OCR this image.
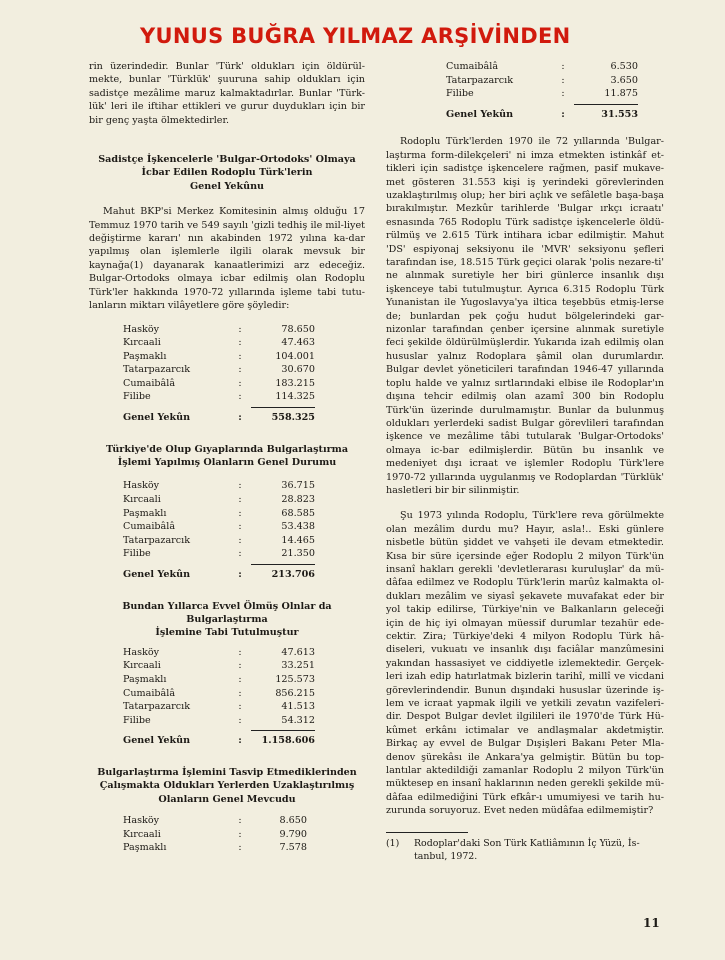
YUNUS BUĞRA YILMAZ ARŞİVİNDEN

rin üzerindedir. Bunlar 'Türk' oldukları için öldürül-mekte, bunlar 'Türklük' şuuruna sahip oldukları için sadistçe mezâlime maruz kalmaktadırlar. Bunlar 'Türk-lük' leri ile iftihar ettikleri ve gurur duydukları için bir bir genç yaşta ölmektedirler.

Sadistçe İşkencelerle 'Bulgar-Ortodoks' Olmaya
İcbar Edilen Rodoplu Türk'lerin
Genel Yekûnu

Mahut BKP'si Merkez Komitesinin almış olduğu 17 Temmuz 1970 tarih ve 549 sayılı 'gizli tedhiş ile mil-liyet değiştirme kararı' nın akabinden 1972 yılına ka-dar yapılmış olan işlemlerle ilgili olarak mevsuk bir kaynağa(1) dayanarak kanaatlerimizi arz edeceğiz. Bulgar-Ortodoks olmaya icbar edilmiş olan Rodoplu Türk'ler hakkında 1970-72 yıllarında işleme tabi tutu-lanların miktarı vilâyetlere göre şöyledir:

Hasköy	:	78.650
Kırcaali	:	47.463
Paşmaklı	:	104.001
Tatarpazarcık	:	30.670
Cumaibâlâ	:	183.215
Filibe	:	114.325

Genel Yekûn	:	558.325
Türkiye'de Olup Gıyaplarında Bulgarlaştırma
İşlemi Yapılmış Olanların Genel Durumu
Hasköy	:	36.715
Kırcaali	:	28.823
Paşmaklı	:	68.585
Cumaibâlâ	:	53.438
Tatarpazarcık	:	14.465
Filibe	:	21.350

Genel Yekûn	:	213.706
Bundan Yıllarca Evvel Ölmüş Olnlar da Bulgarlaştırma
İşlemine Tabi Tutulmuştur
Hasköy	:	47.613
Kırcaali	:	33.251
Paşmaklı	:	125.573
Cumaibâlâ	:	856.215
Tatarpazarcık	:	41.513
Filibe	:	54.312

Genel Yekûn	:	1.158.606
Bulgarlaştırma İşlemini Tasvip Etmediklerinden
Çalışmakta Oldukları Yerlerden Uzaklaştırılmış
Olanların Genel Mevcudu
Hasköy	:	8.650
Kırcaali	:	9.790
Paşmaklı	:	7.578
Cumaibâlâ	:	6.530
Tatarpazarcık	:	3.650
Filibe	:	11.875

Genel Yekûn	:	31.553

Rodoplu Türk'lerden 1970 ile 72 yıllarında 'Bulgar-laştırma form-dilekçeleri' ni imza etmekten istinkâf et-tikleri için sadistçe işkencelere rağmen, pasif mukave-met gösteren 31.553 kişi iş yerindeki görevlerinden uzaklaştırılmış olup; her biri açlık ve sefâletle başa-başa bırakılmıştır. Mezkûr tarihlerde 'Bulgar ırkçı icraatı' esnasında 765 Rodoplu Türk sadistçe işkencelerle öldü-rülmüş ve 2.615 Türk intihara icbar edilmiştir. Mahut 'DS' espiyonaj seksiyonu ile 'MVR' seksiyonu şefleri tarafından ise, 18.515 Türk geçici olarak 'polis nezare-ti' ne alınmak suretiyle her biri günlerce insanlık dışı işkenceye tabi tutulmuştur. Ayrıca 6.315 Rodoplu Türk Yunanistan ile Yugoslavya'ya iltica teşebbüs etmiş-lerse de; bunlardan pek çoğu hudut bölgelerindeki gar-nizonlar tarafından çenber içersine alınmak suretiyle feci şekilde öldürülmüşlerdir. Yukarıda izah edilmiş olan hususlar yalnız Rodoplara şâmil olan durumlardır. Bulgar devlet yöneticileri tarafından 1946-47 yıllarında toplu halde ve yalnız sırtlarındaki elbise ile Rodoplar'ın dışına tehcir edilmiş olan azamî 300 bin Rodoplu Türk'ün üzerinde durulmamıştır. Bunlar da bulunmuş oldukları yerlerdeki sadist Bulgar görevlileri tarafından işkence ve mezâlime tâbi tutularak 'Bulgar-Ortodoks' olmaya ic-bar edilmişlerdir. Bütün bu insanlık ve medeniyet dışı icraat ve işlemler Rodoplu Türk'lere 1970-72 yıllarında uygulanmış ve Rodoplardan 'Türklük' hasletleri bir bir silinmiştir.

Şu 1973 yılında Rodoplu, Türk'lere reva görülmekte olan mezâlim durdu mu? Hayır, asla!.. Eski günlere nisbetle bütün şiddet ve vahşeti ile devam etmektedir. Kısa bir süre içersinde eğer Rodoplu 2 milyon Türk'ün insanî hakları gerekli 'devletlerarası kuruluşlar' da mü-dâfaa edilmez ve Rodoplu Türk'lerin marûz kalmakta ol-dukları mezâlim ve siyasî şekavete muvafakat eder bir yol takip edilirse, Türkiye'nin ve Balkanların geleceği için de hiç iyi olmayan müessif durumlar tezahür ede-cektir. Zira; Türkiye'deki 4 milyon Rodoplu Türk hâ-diseleri, vukuatı ve insanlık dışı faciâlar manzûmesini yakından hassasiyet ve ciddiyetle izlemektedir. Gerçek-leri izah edip hatırlatmak bizlerin tarihî, millî ve vicdani görevlerindendir. Bunun dışındaki hususlar üzerinde iş-lem ve icraat yapmak ilgili ve yetkili zevatın vazifeleri-dir. Despot Bulgar devlet ilgilileri ile 1970'de Türk Hü-kûmet erkânı ictimalar ve andlaşmalar akdetmiştir. Birkaç ay evvel de Bulgar Dışişleri Bakanı Peter Mla-denov şürekâsı ile Ankara'ya gelmiştir. Bütün bu top-lantılar aktedildiği zamanlar Rodoplu 2 milyon Türk'ün müktesep en insanî haklarının neden gerekli şekilde mü-dâfaa edilmediğini Türk efkâr-ı umumiyesi ve tarih hu-zurunda soruyoruz. Evet neden müdâfaa edilmemiştir?

(1)	Rodoplar'daki Son Türk Katliâmının İç Yüzü, İs-tanbul, 1972.
11
